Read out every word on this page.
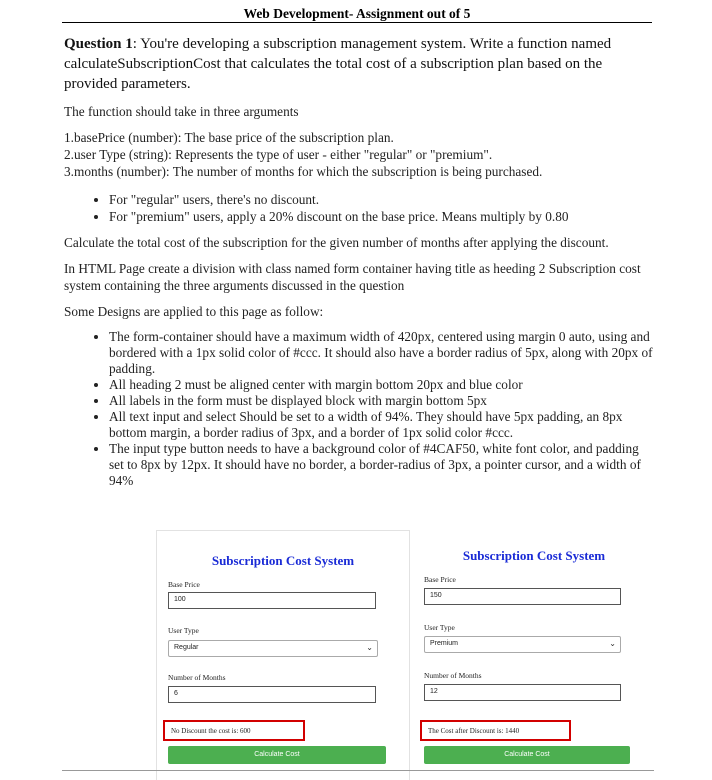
Web Development- Assignment out of 5

Question 1: You're developing a subscription management system. Write a function named calculateSubscriptionCost that calculates the total cost of a subscription plan based on the provided parameters.

The function should take in three arguments

1.basePrice (number): The base price of the subscription plan.
2.user Type (string): Represents the type of user - either "regular" or "premium".
3.months (number): The number of months for which the subscription is being purchased.
• For "regular" users, there's no discount.
• For "premium" users, apply a 20% discount on the base price. Means multiply by 0.80

Calculate the total cost of the subscription for the given number of months after applying the discount.

In HTML Page create a division with class named form container having title as heeding 2 Subscription cost system containing the three arguments discussed in the question

Some Designs are applied to this page as follow:

• The form-container should have a maximum width of 420px, centered using margin 0 auto, using and bordered with a 1px solid color of #ccc. It should also have a border radius of 5px, along with 20px of padding.
• All heading 2 must be aligned center with margin bottom 20px and blue color
• All labels in the form must be displayed block with margin bottom 5px
• All text input and select Should be set to a width of 94%. They should have 5px padding, an 8px bottom margin, a border radius of 3px, and a border of 1px solid color #ccc.
• The input type button needs to have a background color of #4CAF50, white font color, and padding set to 8px by 12px. It should have no border, a border-radius of 3px, a pointer cursor, and a width of 94%
Subscription Cost System
Base Price
100
User Type
Regular	⌄
Number of Months
6
No Discount the cost is: 600
Calculate Cost
Subscription Cost System
Base Price
150
User Type
Premium	⌄
Number of Months
12
The Cost after Discount is: 1440
Calculate Cost
